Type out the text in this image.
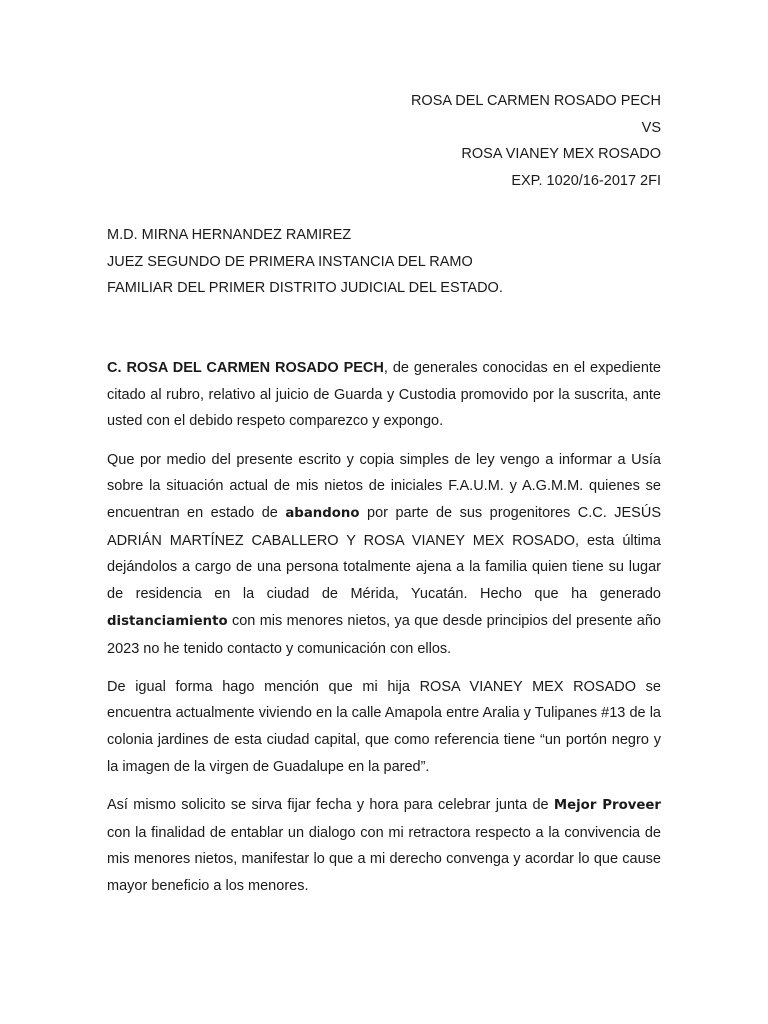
ROSA DEL CARMEN ROSADO PECH
VS
ROSA VIANEY MEX ROSADO
EXP. 1020/16-2017 2FI
M.D. MIRNA HERNANDEZ RAMIREZ
JUEZ SEGUNDO DE PRIMERA INSTANCIA DEL RAMO
FAMILIAR DEL PRIMER DISTRITO JUDICIAL DEL ESTADO.

C. ROSA DEL CARMEN ROSADO PECH, de generales conocidas en el expediente citado al rubro, relativo al juicio de Guarda y Custodia promovido por la suscrita, ante usted con el debido respeto comparezco y expongo.

Que por medio del presente escrito y copia simples de ley vengo a informar a Usía sobre la situación actual de mis nietos de iniciales F.A.U.M. y A.G.M.M. quienes se encuentran en estado de abandono por parte de sus progenitores C.C. JESÚS ADRIÁN MARTÍNEZ CABALLERO Y ROSA VIANEY MEX ROSADO, esta última dejándolos a cargo de una persona totalmente ajena a la familia quien tiene su lugar de residencia en la ciudad de Mérida, Yucatán. Hecho que ha generado distanciamiento con mis menores nietos, ya que desde principios del presente año 2023 no he tenido contacto y comunicación con ellos.

De igual forma hago mención que mi hija ROSA VIANEY MEX ROSADO se encuentra actualmente viviendo en la calle Amapola entre Aralia y Tulipanes #13 de la colonia jardines de esta ciudad capital, que como referencia tiene “un portón negro y la imagen de la virgen de Guadalupe en la pared”.

Así mismo solicito se sirva fijar fecha y hora para celebrar junta de Mejor Proveer con la finalidad de entablar un dialogo con mi retractora respecto a la convivencia de mis menores nietos, manifestar lo que a mi derecho convenga y acordar lo que cause mayor beneficio a los menores.
